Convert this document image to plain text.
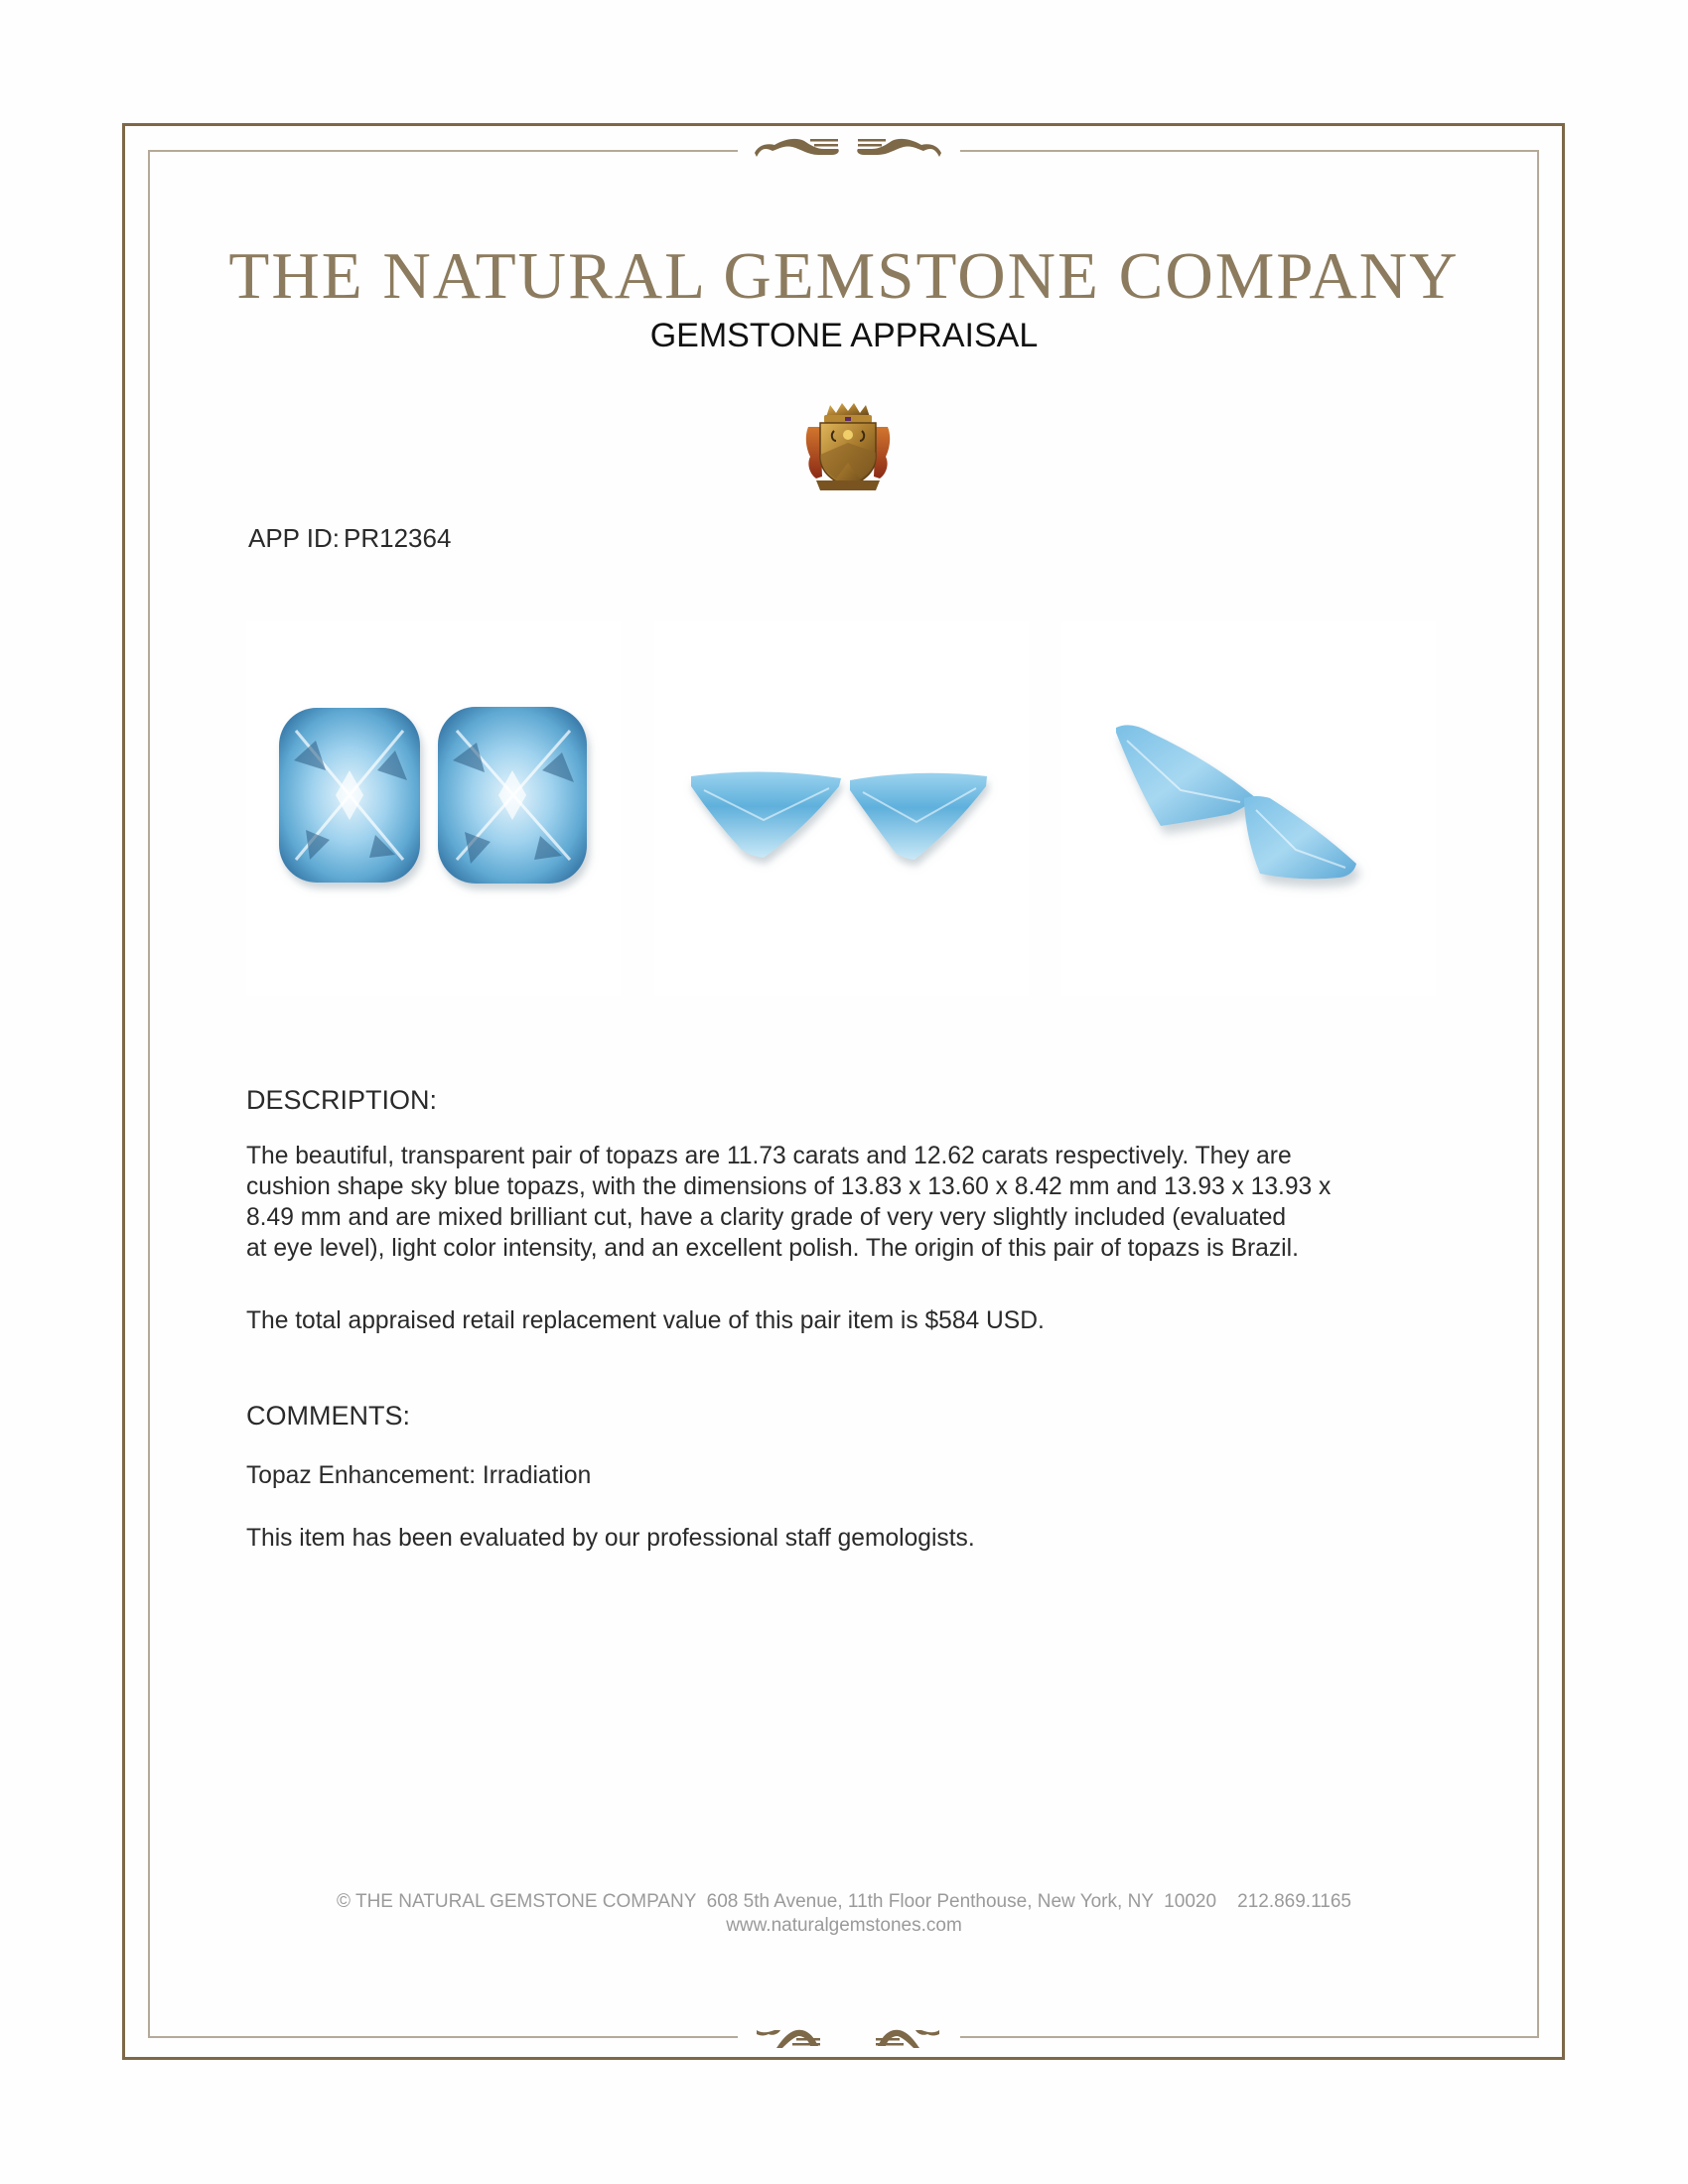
THE NATURAL GEMSTONE COMPANY
GEMSTONE APPRAISAL
APP ID: PR12364
DESCRIPTION:
The beautiful, transparent pair of topazs are 11.73 carats and 12.62 carats respectively. They are
cushion shape sky blue topazs, with the dimensions of 13.83 x 13.60 x 8.42 mm and 13.93 x 13.93 x
8.49 mm and are mixed brilliant cut, have a clarity grade of very very slightly included (evaluated
at eye level), light color intensity, and an excellent polish. The origin of this pair of topazs is Brazil.
The total appraised retail replacement value of this pair item is $584 USD.
COMMENTS:
Topaz Enhancement: Irradiation
This item has been evaluated by our professional staff gemologists.
© THE NATURAL GEMSTONE COMPANY  608 5th Avenue, 11th Floor Penthouse, New York, NY  10020    212.869.1165
www.naturalgemstones.com
